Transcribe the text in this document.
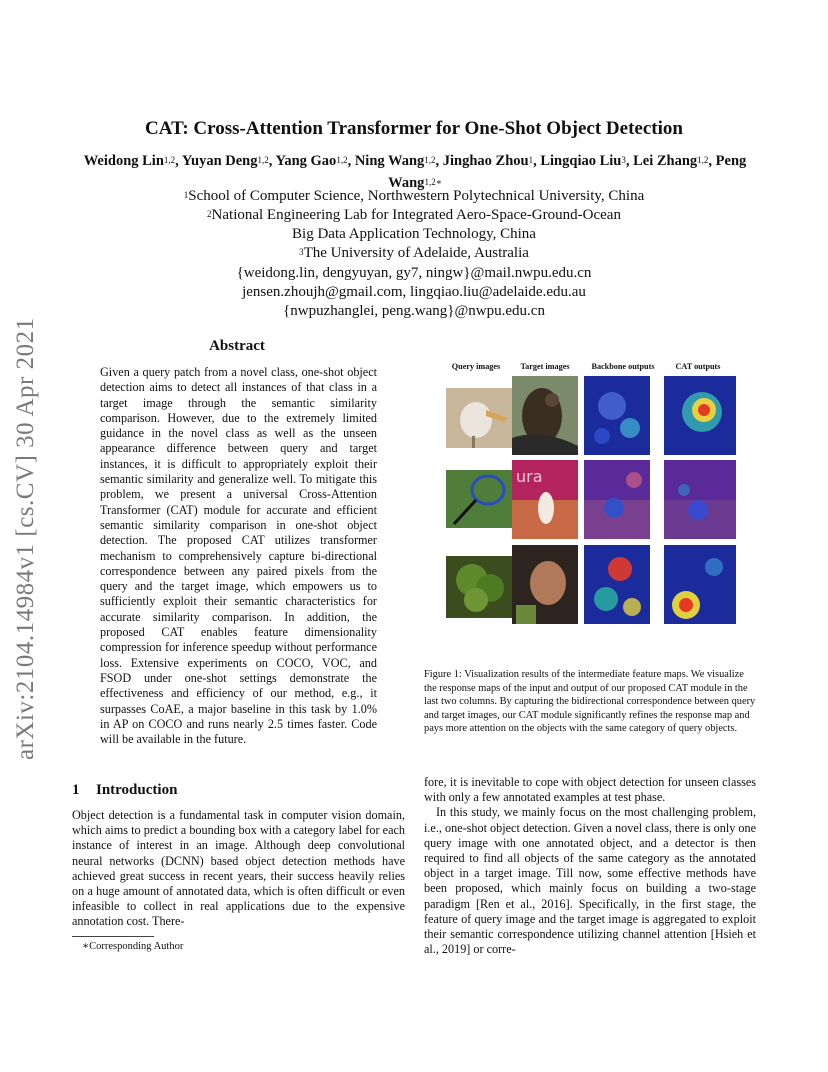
arXiv:2104.14984v1 [cs.CV] 30 Apr 2021
CAT: Cross-Attention Transformer for One-Shot Object Detection
Weidong Lin$^{1,2}$, Yuyan Deng$^{1,2}$, Yang Gao$^{1,2}$, Ning Wang$^{1,2}$, Jinghao Zhou$^1$, Lingqiao Liu$^3$, Lei Zhang$^{1,2}$, Peng Wang$^{1,2∗}$
$^1$School of Computer Science, Northwestern Polytechnical University, China
$^2$National Engineering Lab for Integrated Aero-Space-Ground-Ocean
Big Data Application Technology, China
$^3$The University of Adelaide, Australia
{weidong.lin, dengyuyan, gy7, ningw}@mail.nwpu.edu.cn
jensen.zhoujh@gmail.com, lingqiao.liu@adelaide.edu.au
{nwpuzhanglei, peng.wang}@nwpu.edu.cn
Abstract
Given a query patch from a novel class, one-shot object detection aims to detect all instances of that class in a target image through the semantic similarity comparison. However, due to the extremely limited guidance in the novel class as well as the unseen appearance difference between query and target instances, it is difficult to appropriately exploit their semantic similarity and generalize well. To mitigate this problem, we present a universal Cross-Attention Transformer (CAT) module for accurate and efficient semantic similarity comparison in one-shot object detection. The proposed CAT utilizes transformer mechanism to comprehensively capture bi-directional correspondence between any paired pixels from the query and the target image, which empowers us to sufficiently exploit their semantic characteristics for accurate similarity comparison. In addition, the proposed CAT enables feature dimensionality compression for inference speedup without performance loss. Extensive experiments on COCO, VOC, and FSOD under one-shot settings demonstrate the effectiveness and efficiency of our method, e.g., it surpasses CoAE, a major baseline in this task by 1.0% in AP on COCO and runs nearly 2.5 times faster. Code will be available in the future.
Query images	Target images	Backbone outputs	CAT outputs
ura
Figure 1: Visualization results of the intermediate feature maps. We visualize the response maps of the input and output of our proposed CAT module in the last two columns. By capturing the bidirectional correspondence between query and target images, our CAT module significantly refines the response map and pays more attention on the objects with the same category of query objects.
1 Introduction
Object detection is a fundamental task in computer vision domain, which aims to predict a bounding box with a category label for each instance of interest in an image. Although deep convolutional neural networks (DCNN) based object detection methods have achieved great success in recent years, their success heavily relies on a huge amount of annotated data, which is often difficult or even infeasible to collect in real applications due to the expensive annotation cost. There-
∗Corresponding Author

fore, it is inevitable to cope with object detection for unseen classes with only a few annotated examples at test phase.

In this study, we mainly focus on the most challenging problem, i.e., one-shot object detection. Given a novel class, there is only one query image with one annotated object, and a detector is then required to find all objects of the same category as the annotated object in a target image. Till now, some effective methods have been proposed, which mainly focus on building a two-stage paradigm [Ren et al., 2016]. Specifically, in the first stage, the feature of query image and the target image is aggregated to exploit their semantic correspondence utilizing channel attention [Hsieh et al., 2019] or corre-
